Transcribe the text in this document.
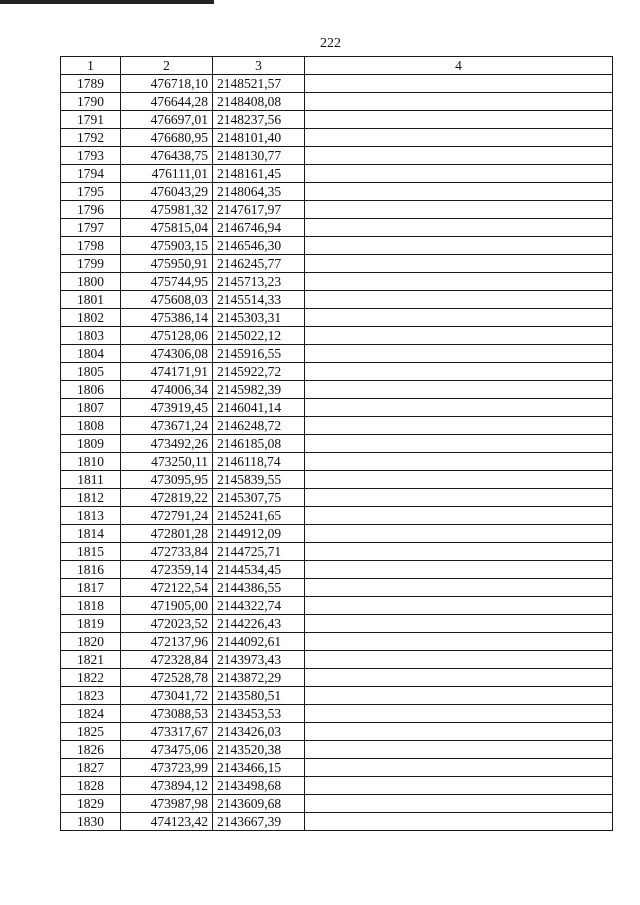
222
1	2	3	4
1789	476718,10	2148521,57	
1790	476644,28	2148408,08	
1791	476697,01	2148237,56	
1792	476680,95	2148101,40	
1793	476438,75	2148130,77	
1794	476111,01	2148161,45	
1795	476043,29	2148064,35	
1796	475981,32	2147617,97	
1797	475815,04	2146746,94	
1798	475903,15	2146546,30	
1799	475950,91	2146245,77	
1800	475744,95	2145713,23	
1801	475608,03	2145514,33	
1802	475386,14	2145303,31	
1803	475128,06	2145022,12	
1804	474306,08	2145916,55	
1805	474171,91	2145922,72	
1806	474006,34	2145982,39	
1807	473919,45	2146041,14	
1808	473671,24	2146248,72	
1809	473492,26	2146185,08	
1810	473250,11	2146118,74	
1811	473095,95	2145839,55	
1812	472819,22	2145307,75	
1813	472791,24	2145241,65	
1814	472801,28	2144912,09	
1815	472733,84	2144725,71	
1816	472359,14	2144534,45	
1817	472122,54	2144386,55	
1818	471905,00	2144322,74	
1819	472023,52	2144226,43	
1820	472137,96	2144092,61	
1821	472328,84	2143973,43	
1822	472528,78	2143872,29	
1823	473041,72	2143580,51	
1824	473088,53	2143453,53	
1825	473317,67	2143426,03	
1826	473475,06	2143520,38	
1827	473723,99	2143466,15	
1828	473894,12	2143498,68	
1829	473987,98	2143609,68	
1830	474123,42	2143667,39	
